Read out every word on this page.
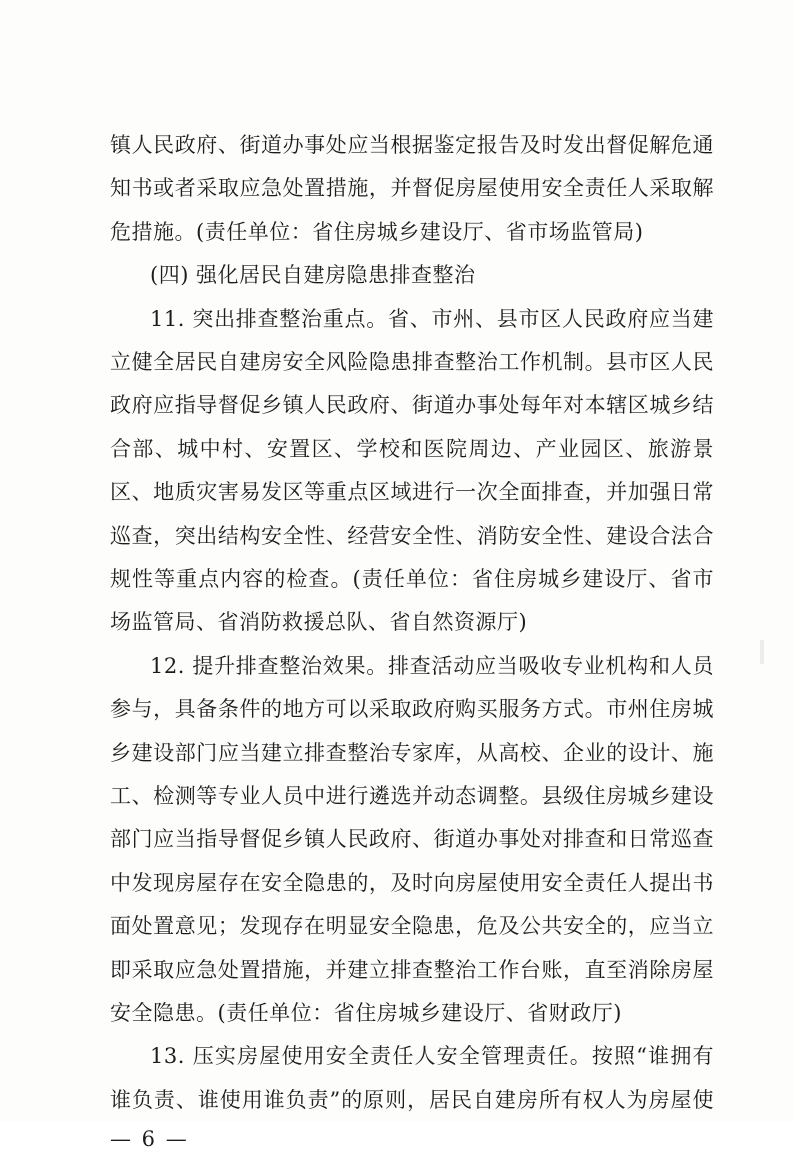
镇人民政府、街道办事处应当根据鉴定报告及时发出督促解危通
知书或者采取应急处置措施，并督促房屋使用安全责任人采取解
危措施。(责任单位：省住房城乡建设厅、省市场监管局)
(四) 强化居民自建房隐患排查整治
11. 突出排查整治重点。省、市州、县市区人民政府应当建
立健全居民自建房安全风险隐患排查整治工作机制。县市区人民
政府应指导督促乡镇人民政府、街道办事处每年对本辖区城乡结
合部、城中村、安置区、学校和医院周边、产业园区、旅游景
区、地质灾害易发区等重点区域进行一次全面排查，并加强日常
巡查，突出结构安全性、经营安全性、消防安全性、建设合法合
规性等重点内容的检查。(责任单位：省住房城乡建设厅、省市
场监管局、省消防救援总队、省自然资源厅)
12. 提升排查整治效果。排查活动应当吸收专业机构和人员
参与，具备条件的地方可以采取政府购买服务方式。市州住房城
乡建设部门应当建立排查整治专家库，从高校、企业的设计、施
工、检测等专业人员中进行遴选并动态调整。县级住房城乡建设
部门应当指导督促乡镇人民政府、街道办事处对排查和日常巡查
中发现房屋存在安全隐患的，及时向房屋使用安全责任人提出书
面处置意见；发现存在明显安全隐患，危及公共安全的，应当立
即采取应急处置措施，并建立排查整治工作台账，直至消除房屋
安全隐患。(责任单位：省住房城乡建设厅、省财政厅)
13. 压实房屋使用安全责任人安全管理责任。按照“谁拥有
— 6 —
谁负责、谁使用谁负责”的原则，居民自建房所有权人为房屋使
